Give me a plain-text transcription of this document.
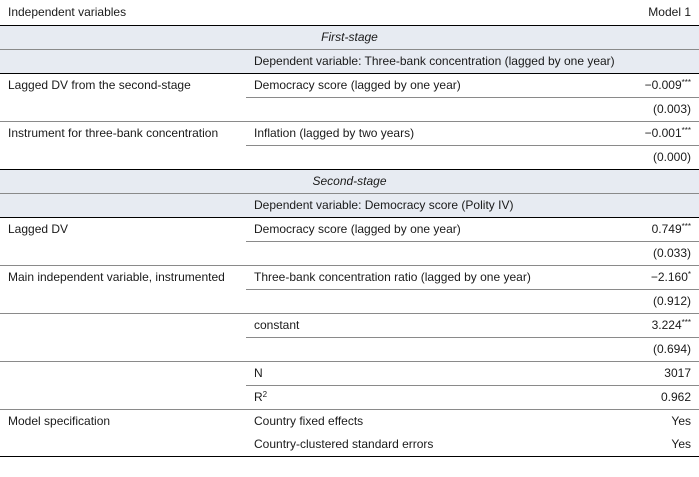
Independent variables		Model 1
First-stage		
	Dependent variable: Three-bank concentration (lagged by one year)	
Lagged DV from the second-stage	Democracy score (lagged by one year)	−0.009***
		(0.003)
Instrument for three-bank concentration	Inflation (lagged by two years)	−0.001***
		(0.000)
Second-stage		
	Dependent variable: Democracy score (Polity IV)	
Lagged DV	Democracy score (lagged by one year)	0.749***
		(0.033)
Main independent variable, instrumented	Three-bank concentration ratio (lagged by one year)	−2.160*
		(0.912)
	constant	3.224***
		(0.694)
	N	3017
	$R^2$	0.962
Model specification	Country fixed effects	Yes
	Country-clustered standard errors	Yes
